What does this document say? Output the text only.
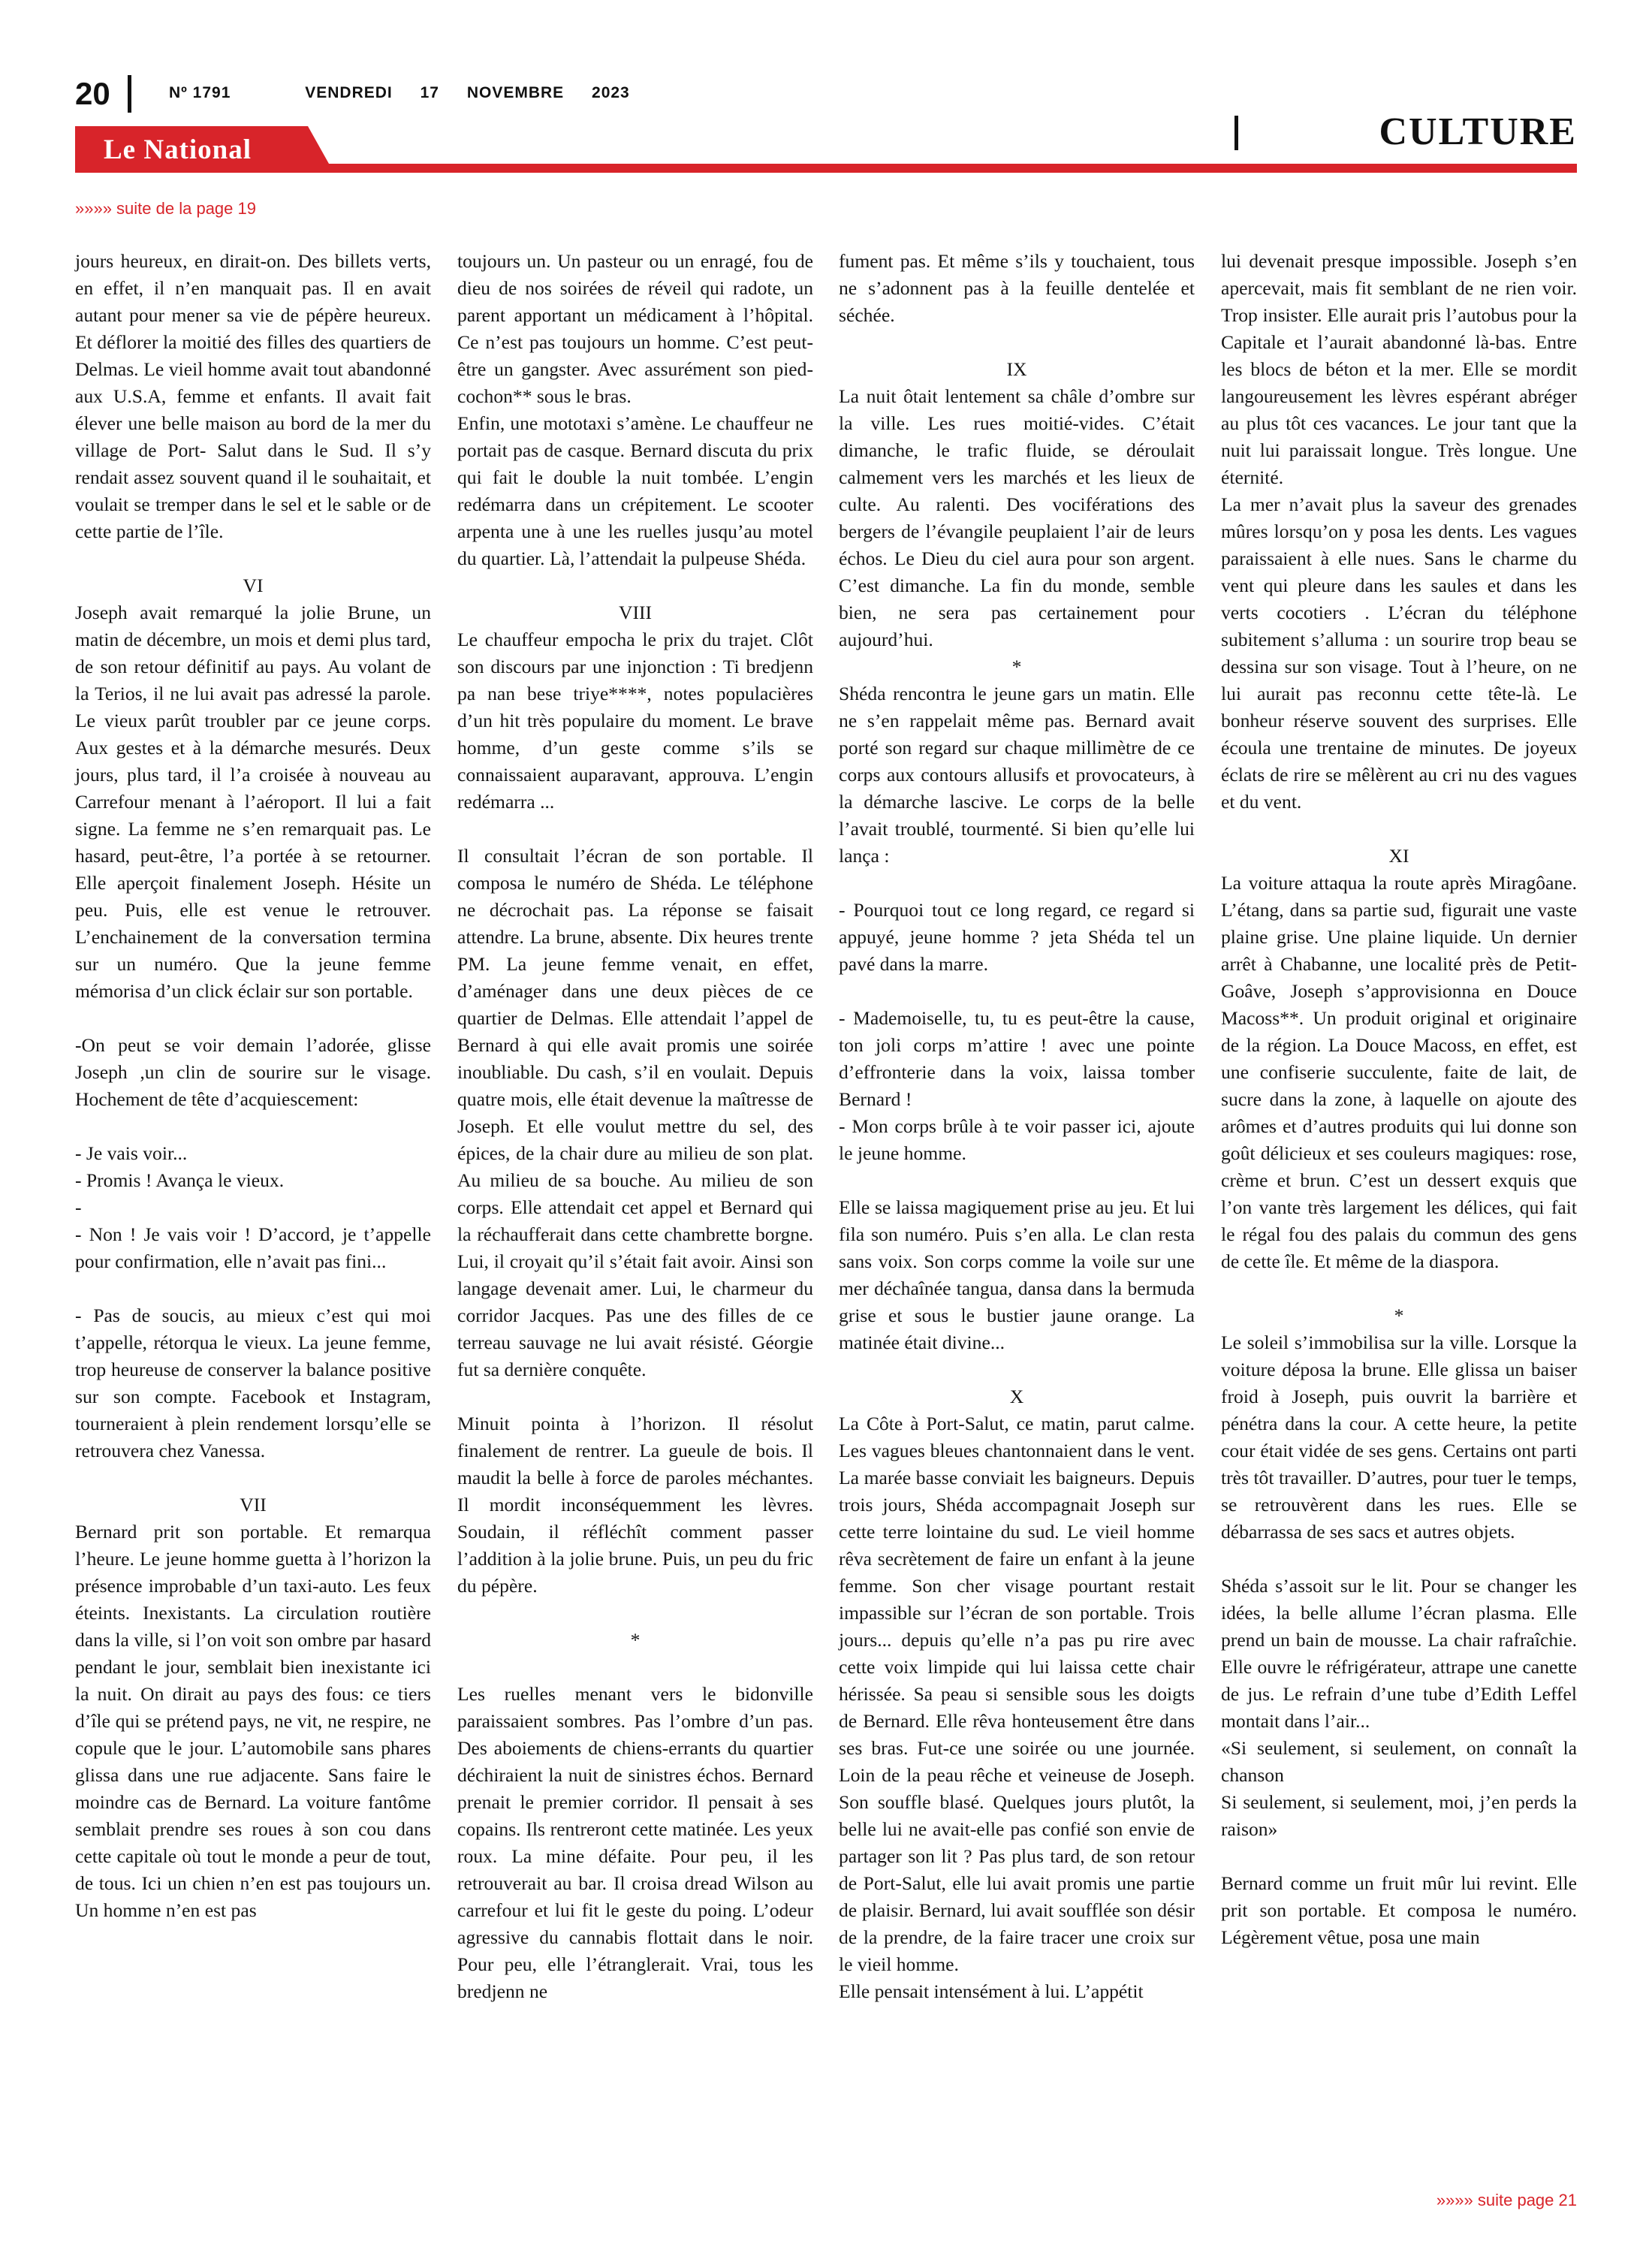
20	Nº 1791	VENDREDI 17 NOVEMBRE 2023
CULTURE
Le National
»»»» suite de la page 19

jours heureux, en dirait-on. Des billets verts, en effet, il n’en manquait pas. Il en avait autant pour mener sa vie de pépère heureux. Et déflorer la moitié des filles des quartiers de Delmas. Le vieil homme avait tout abandonné aux U.S.A, femme et enfants. Il avait fait élever une belle maison au bord de la mer du village de Port- Salut dans le Sud. Il s’y rendait assez souvent quand il le souhaitait, et voulait se tremper dans le sel et le sable or de cette partie de l’île.

VI

Joseph avait remarqué la jolie Brune, un matin de décembre, un mois et demi plus tard, de son retour définitif au pays. Au volant de la Terios, il ne lui avait pas adressé la parole. Le vieux parût troubler par ce jeune corps. Aux gestes et à la démarche mesurés. Deux jours, plus tard, il l’a croisée à nouveau au Carrefour menant à l’aéroport. Il lui a fait signe. La femme ne s’en remarquait pas. Le hasard, peut-être, l’a portée à se retourner. Elle aperçoit finalement Joseph. Hésite un peu. Puis, elle est venue le retrouver. L’enchainement de la conversation termina sur un numéro. Que la jeune femme mémorisa d’un click éclair sur son portable.

-On peut se voir demain l’adorée, glisse Joseph ,un clin de sourire sur le visage. Hochement de tête d’acquiescement:

- Je vais voir...

- Promis ! Avança le vieux.

-

- Non ! Je vais voir ! D’accord, je t’appelle pour confirmation, elle n’avait pas fini...

- Pas de soucis, au mieux c’est qui moi t’appelle, rétorqua le vieux. La jeune femme, trop heureuse de conserver la balance positive sur son compte. Facebook et Instagram, tourneraient à plein rendement lorsqu’elle se retrouvera chez Vanessa.

VII

Bernard prit son portable. Et remarqua l’heure. Le jeune homme guetta à l’horizon la présence improbable d’un taxi-auto. Les feux éteints. Inexistants. La circulation routière dans la ville, si l’on voit son ombre par hasard pendant le jour, semblait bien inexistante ici la nuit. On dirait au pays des fous: ce tiers d’île qui se prétend pays, ne vit, ne respire, ne copule que le jour. L’automobile sans phares glissa dans une rue adjacente. Sans faire le moindre cas de Bernard. La voiture fantôme semblait prendre ses roues à son cou dans cette capitale où tout le monde a peur de tout, de tous. Ici un chien n’en est pas toujours un. Un homme n’en est pas

toujours un. Un pasteur ou un enragé, fou de dieu de nos soirées de réveil qui radote, un parent apportant un médicament à l’hôpital. Ce n’est pas toujours un homme. C’est peut-être un gangster. Avec assurément son pied-cochon** sous le bras.

Enfin, une mototaxi s’amène. Le chauffeur ne portait pas de casque. Bernard discuta du prix qui fait le double la nuit tombée. L’engin redémarra dans un crépitement. Le scooter arpenta une à une les ruelles jusqu’au motel du quartier. Là, l’attendait la pulpeuse Shéda.

VIII

Le chauffeur empocha le prix du trajet. Clôt son discours par une injonction : Ti bredjenn pa nan bese triye****, notes populacières d’un hit très populaire du moment. Le brave homme, d’un geste comme s’ils se connaissaient auparavant, approuva. L’engin redémarra ...

Il consultait l’écran de son portable. Il composa le numéro de Shéda. Le téléphone ne décrochait pas. La réponse se faisait attendre. La brune, absente. Dix heures trente PM. La jeune femme venait, en effet, d’aménager dans une deux pièces de ce quartier de Delmas. Elle attendait l’appel de Bernard à qui elle avait promis une soirée inoubliable. Du cash, s’il en voulait. Depuis quatre mois, elle était devenue la maîtresse de Joseph. Et elle voulut mettre du sel, des épices, de la chair dure au milieu de son plat. Au milieu de sa bouche. Au milieu de son corps. Elle attendait cet appel et Bernard qui la réchaufferait dans cette chambrette borgne. Lui, il croyait qu’il s’était fait avoir. Ainsi son langage devenait amer. Lui, le charmeur du corridor Jacques. Pas une des filles de ce terreau sauvage ne lui avait résisté. Géorgie fut sa dernière conquête.

Minuit pointa à l’horizon. Il résolut finalement de rentrer. La gueule de bois. Il maudit la belle à force de paroles méchantes. Il mordit inconséquemment les lèvres. Soudain, il réfléchît comment passer l’addition à la jolie brune. Puis, un peu du fric du pépère.

*

Les ruelles menant vers le bidonville paraissaient sombres. Pas l’ombre d’un pas. Des aboiements de chiens-errants du quartier déchiraient la nuit de sinistres échos. Bernard prenait le premier corridor. Il pensait à ses copains. Ils rentreront cette matinée. Les yeux roux. La mine défaite. Pour peu, il les retrouverait au bar. Il croisa dread Wilson au carrefour et lui fit le geste du poing. L’odeur agressive du cannabis flottait dans le noir. Pour peu, elle l’étranglerait. Vrai, tous les bredjenn ne

fument pas. Et même s’ils y touchaient, tous ne s’adonnent pas à la feuille dentelée et séchée.

IX

La nuit ôtait lentement sa châle d’ombre sur la ville. Les rues moitié-vides. C’était dimanche, le trafic fluide, se déroulait calmement vers les marchés et les lieux de culte. Au ralenti. Des vociférations des bergers de l’évangile peuplaient l’air de leurs échos. Le Dieu du ciel aura pour son argent. C’est dimanche. La fin du monde, semble bien, ne sera pas certainement pour aujourd’hui.

*

Shéda rencontra le jeune gars un matin. Elle ne s’en rappelait même pas. Bernard avait porté son regard sur chaque millimètre de ce corps aux contours allusifs et provocateurs, à la démarche lascive. Le corps de la belle l’avait troublé, tourmenté. Si bien qu’elle lui lança :

- Pourquoi tout ce long regard, ce regard si appuyé, jeune homme ? jeta Shéda tel un pavé dans la marre.

- Mademoiselle, tu, tu es peut-être la cause, ton joli corps m’attire ! avec une pointe d’effronterie dans la voix, laissa tomber Bernard !

- Mon corps brûle à te voir passer ici, ajoute le jeune homme.

Elle se laissa magiquement prise au jeu. Et lui fila son numéro. Puis s’en alla. Le clan resta sans voix. Son corps comme la voile sur une mer déchaînée tangua, dansa dans la bermuda grise et sous le bustier jaune orange. La matinée était divine...

X

La Côte à Port-Salut, ce matin, parut calme. Les vagues bleues chantonnaient dans le vent. La marée basse conviait les baigneurs. Depuis trois jours, Shéda accompagnait Joseph sur cette terre lointaine du sud. Le vieil homme rêva secrètement de faire un enfant à la jeune femme. Son cher visage pourtant restait impassible sur l’écran de son portable. Trois jours... depuis qu’elle n’a pas pu rire avec cette voix limpide qui lui laissa cette chair hérissée. Sa peau si sensible sous les doigts de Bernard. Elle rêva honteusement être dans ses bras. Fut-ce une soirée ou une journée. Loin de la peau rêche et veineuse de Joseph. Son souffle blasé. Quelques jours plutôt, la belle lui ne avait-elle pas confié son envie de partager son lit ? Pas plus tard, de son retour de Port-Salut, elle lui avait promis une partie de plaisir. Bernard, lui avait soufflée son désir de la prendre, de la faire tracer une croix sur le vieil homme.

Elle pensait intensément à lui. L’appétit

lui devenait presque impossible. Joseph s’en apercevait, mais fit semblant de ne rien voir. Trop insister. Elle aurait pris l’autobus pour la Capitale et l’aurait abandonné là-bas. Entre les blocs de béton et la mer. Elle se mordit langoureusement les lèvres espérant abréger au plus tôt ces vacances. Le jour tant que la nuit lui paraissait longue. Très longue. Une éternité.

La mer n’avait plus la saveur des grenades mûres lorsqu’on y posa les dents. Les vagues paraissaient à elle nues. Sans le charme du vent qui pleure dans les saules et dans les verts cocotiers . L’écran du téléphone subitement s’alluma : un sourire trop beau se dessina sur son visage. Tout à l’heure, on ne lui aurait pas reconnu cette tête-là. Le bonheur réserve souvent des surprises. Elle écoula une trentaine de minutes. De joyeux éclats de rire se mêlèrent au cri nu des vagues et du vent.

XI

La voiture attaqua la route après Miragôane. L’étang, dans sa partie sud, figurait une vaste plaine grise. Une plaine liquide. Un dernier arrêt à Chabanne, une localité près de Petit-Goâve, Joseph s’approvisionna en Douce Macoss**. Un produit original et originaire de la région. La Douce Macoss, en effet, est une confiserie succulente, faite de lait, de sucre dans la zone, à laquelle on ajoute des arômes et d’autres produits qui lui donne son goût délicieux et ses couleurs magiques: rose, crème et brun. C’est un dessert exquis que l’on vante très largement les délices, qui fait le régal fou des palais du commun des gens de cette île. Et même de la diaspora.

*

Le soleil s’immobilisa sur la ville. Lorsque la voiture déposa la brune. Elle glissa un baiser froid à Joseph, puis ouvrit la barrière et pénétra dans la cour. A cette heure, la petite cour était vidée de ses gens. Certains ont parti très tôt travailler. D’autres, pour tuer le temps, se retrouvèrent dans les rues. Elle se débarrassa de ses sacs et autres objets.

Shéda s’assoit sur le lit. Pour se changer les idées, la belle allume l’écran plasma. Elle prend un bain de mousse. La chair rafraîchie. Elle ouvre le réfrigérateur, attrape une canette de jus. Le refrain d’une tube d’Edith Leffel montait dans l’air...

«Si seulement, si seulement, on connaît la chanson

Si seulement, si seulement, moi, j’en perds la raison»

Bernard comme un fruit mûr lui revint. Elle prit son portable. Et composa le numéro. Légèrement vêtue, posa une main

»»»» suite page 21
